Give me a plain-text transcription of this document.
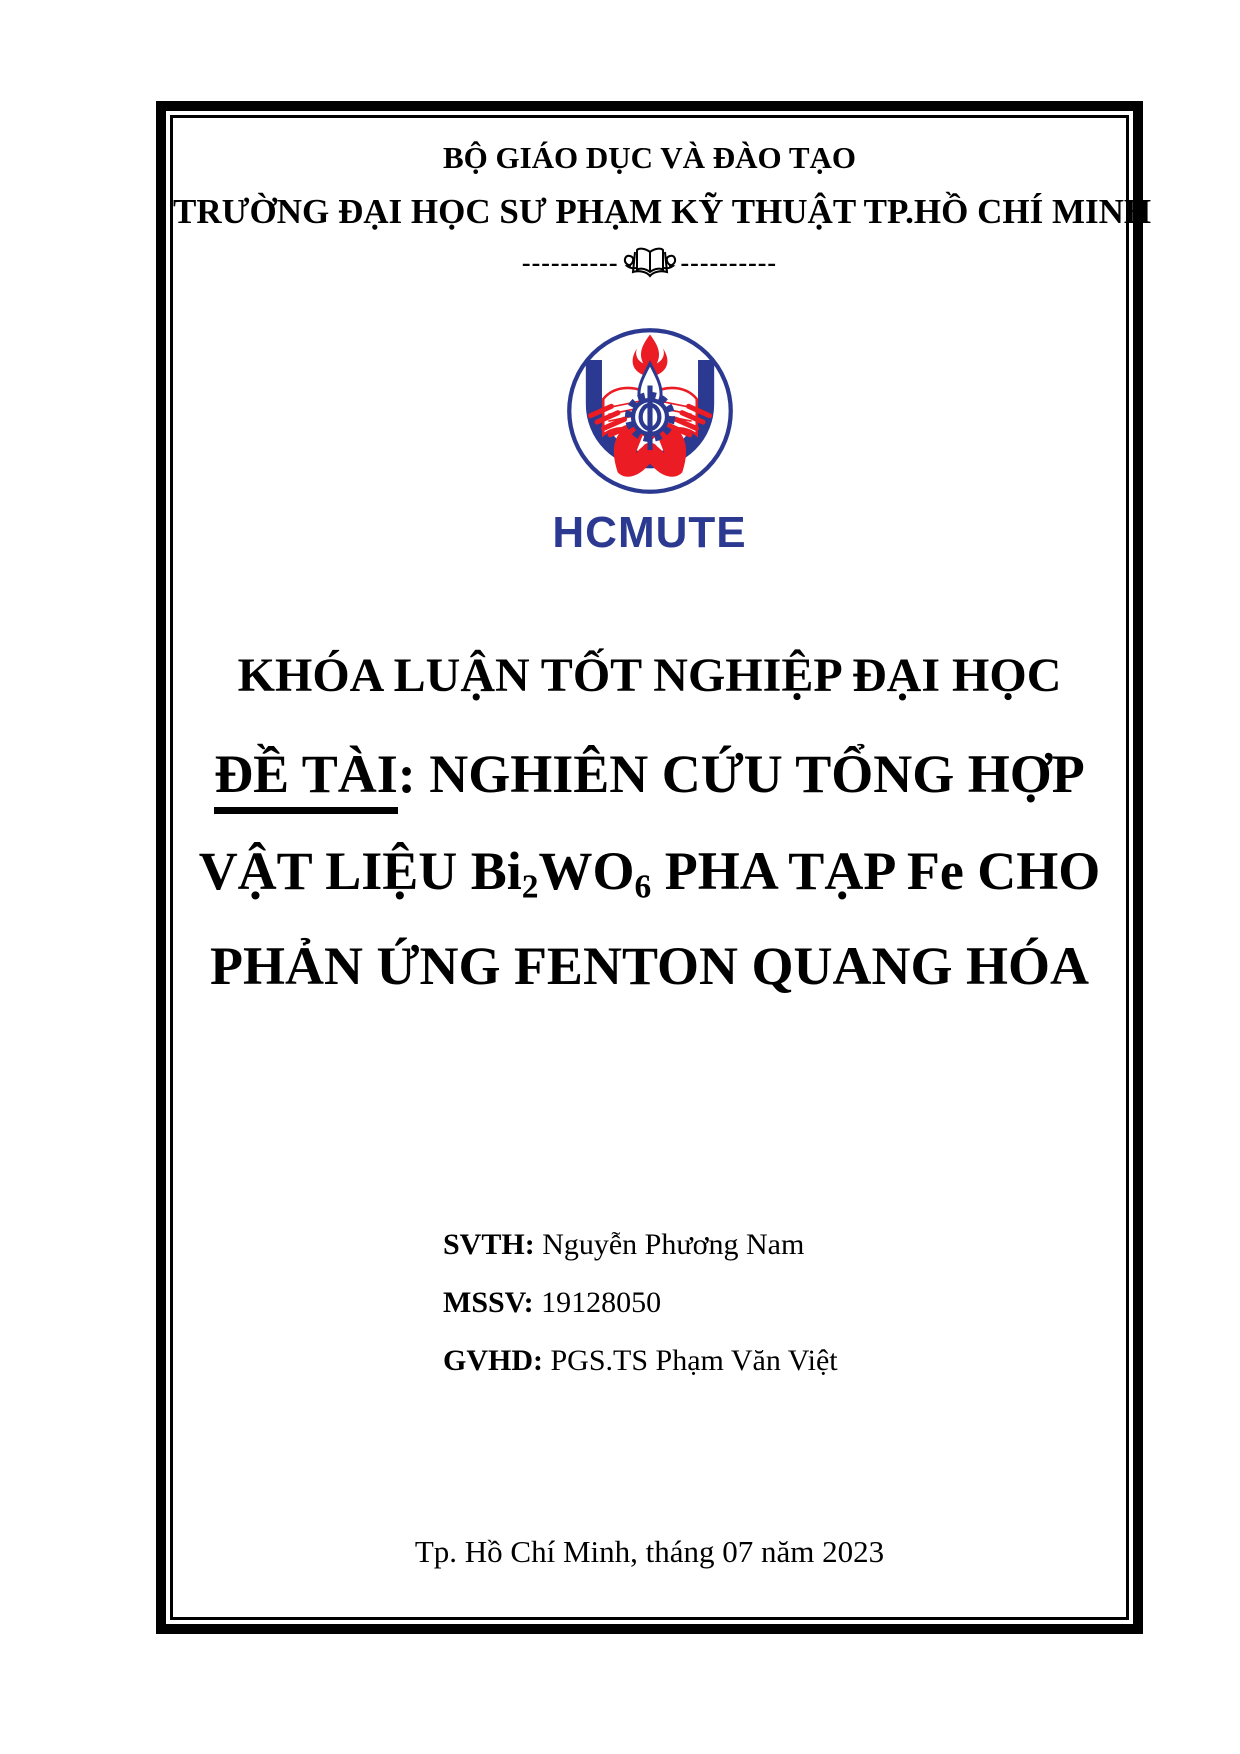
BỘ GIÁO DỤC VÀ ĐÀO TẠO
TRƯỜNG ĐẠI HỌC SƯ PHẠM KỸ THUẬT TP.HỒ CHÍ MINH
---------- ----------
HCMUTE
KHÓA LUẬN TỐT NGHIỆP ĐẠI HỌC
ĐỀ TÀI: NGHIÊN CỨU TỔNG HỢP
VẬT LIỆU $Bi_2WO_6$ PHA TẠP Fe CHO
PHẢN ỨNG FENTON QUANG HÓA
SVTH: Nguyễn Phương Nam
MSSV: 19128050
GVHD: PGS.TS Phạm Văn Việt
Tp. Hồ Chí Minh, tháng 07 năm 2023
